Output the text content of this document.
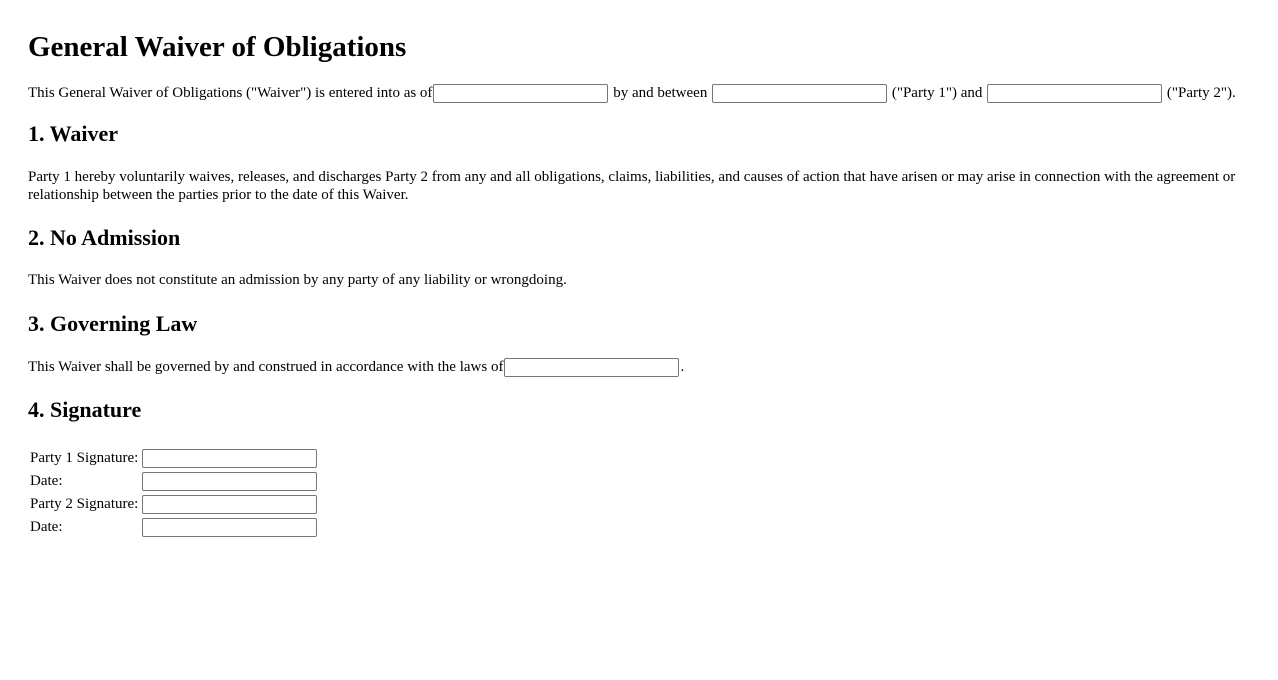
General Waiver of Obligations

This General Waiver of Obligations ("Waiver") is entered into as of	by and between	("Party 1") and	("Party 2").

1. Waiver

Party 1 hereby voluntarily waives, releases, and discharges Party 2 from any and all obligations, claims, liabilities, and causes of action that have arisen or may arise in connection with the agreement or relationship between the parties prior to the date of this Waiver.

2. No Admission

This Waiver does not constitute an admission by any party of any liability or wrongdoing.

3. Governing Law

This Waiver shall be governed by and construed in accordance with the laws of	.

4. Signature
Party 1 Signature:	
Date:	
Party 2 Signature:	
Date:	
